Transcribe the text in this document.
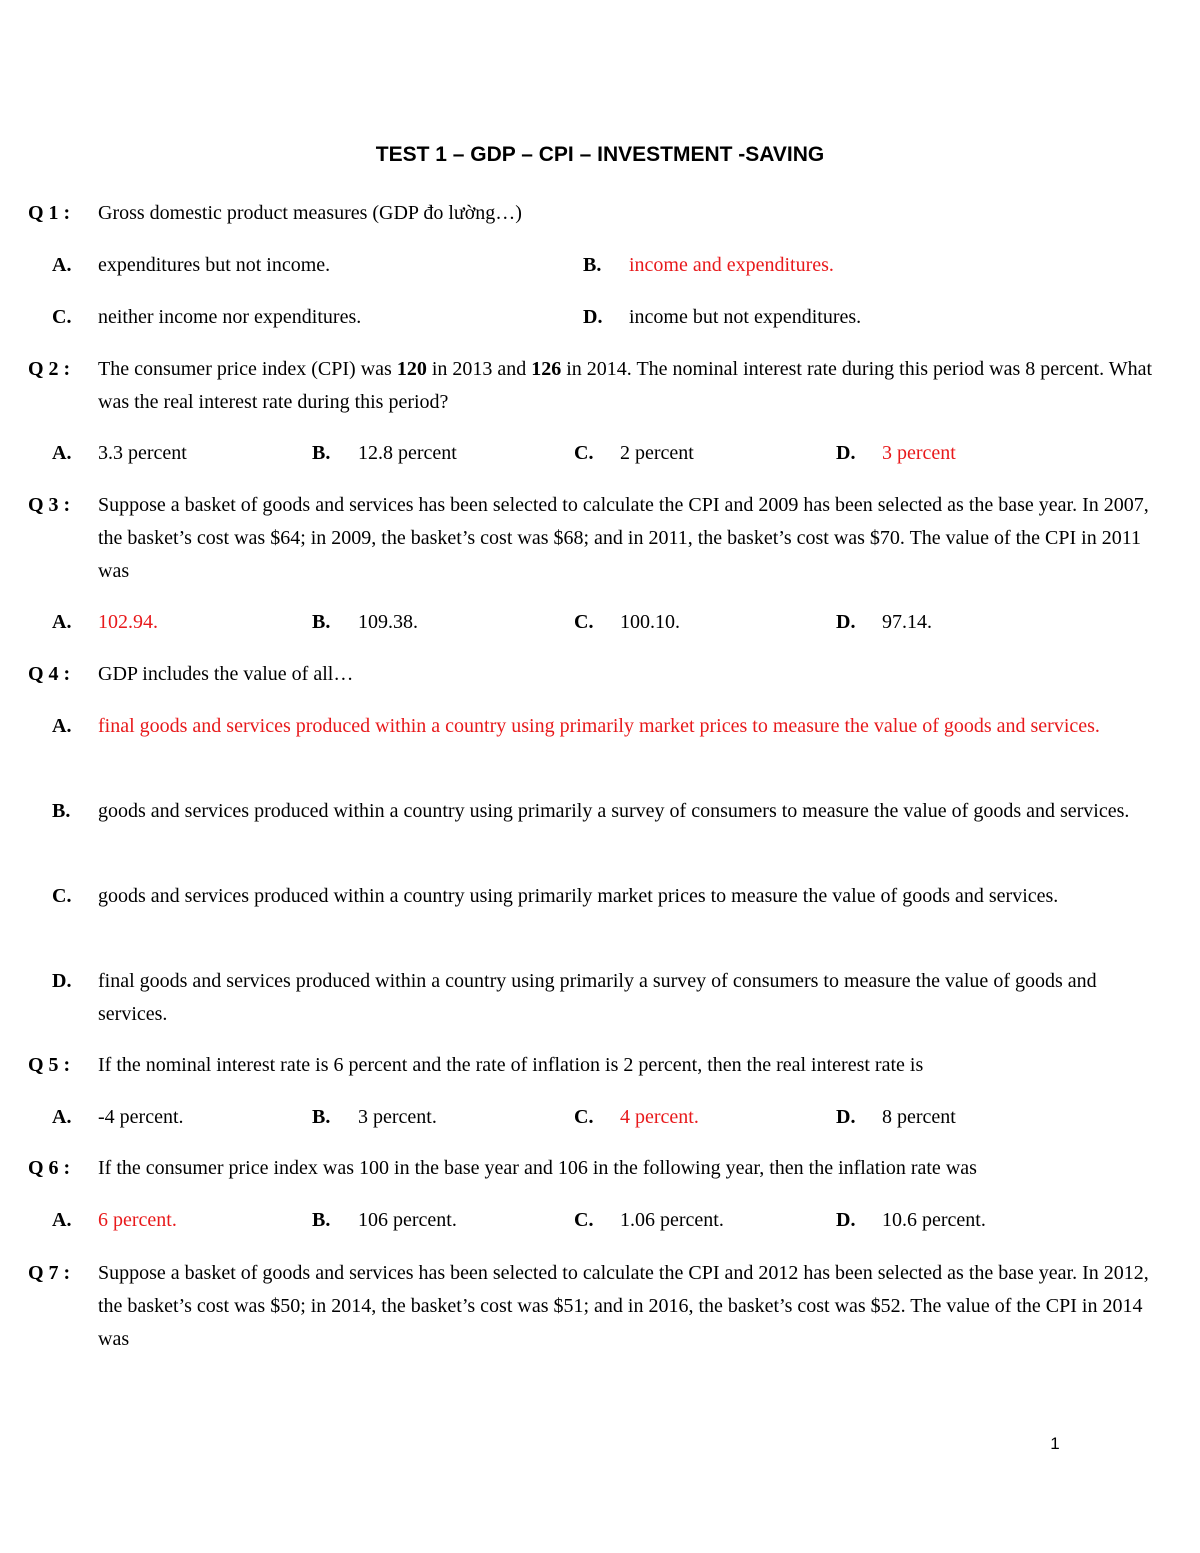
TEST 1 – GDP – CPI – INVESTMENT -SAVING
Q 1 : Gross domestic product measures (GDP đo lường…)

A. expenditures but not income.	B. income and expenditures.
C. neither income nor expenditures.	D. income but not expenditures.
Q 2 : The consumer price index (CPI) was 120 in 2013 and 126 in 2014. The nominal interest rate during this period was 8 percent. What was the real interest rate during this period?

A. 3.3 percent	B. 12.8 percent	C. 2 percent	D. 3 percent
Q 3 : Suppose a basket of goods and services has been selected to calculate the CPI and 2009 has been selected as the base year. In 2007, the basket’s cost was $64; in 2009, the basket’s cost was $68; and in 2011, the basket’s cost was $70. The value of the CPI in 2011 was

A. 102.94.	B. 109.38.	C. 100.10.	D. 97.14.
Q 4 : GDP includes the value of all…

A. final goods and services produced within a country using primarily market prices to measure the value of goods and services.
B. goods and services produced within a country using primarily a survey of consumers to measure the value of goods and services.
C. goods and services produced within a country using primarily market prices to measure the value of goods and services.
D. final goods and services produced within a country using primarily a survey of consumers to measure the value of goods and services.
Q 5 : If the nominal interest rate is 6 percent and the rate of inflation is 2 percent, then the real interest rate is

A. -4 percent.	B. 3 percent.	C. 4 percent.	D. 8 percent
Q 6 : If the consumer price index was 100 in the base year and 106 in the following year, then the inflation rate was

A. 6 percent.	B. 106 percent.	C. 1.06 percent.	D. 10.6 percent.
Q 7 : Suppose a basket of goods and services has been selected to calculate the CPI and 2012 has been selected as the base year. In 2012, the basket’s cost was $50; in 2014, the basket’s cost was $51; and in 2016, the basket’s cost was $52. The value of the CPI in 2014 was

1
